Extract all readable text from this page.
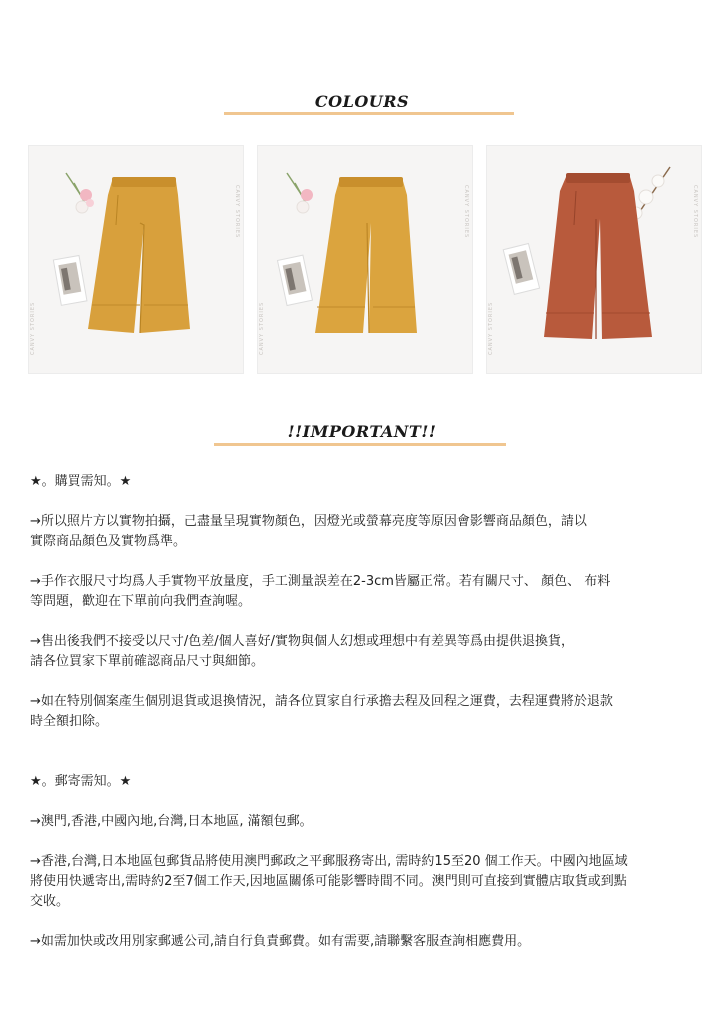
COLOURS
CANVY STORIES
CANVY STORIES
CANVY STORIES
CANVY STORIES
CANVY STORIES
CANVY STORIES
!!IMPORTANT!!

★。購買需知。★

→所以照片方以實物拍攝，己盡量呈現實物顏色，因燈光或螢幕亮度等原因會影響商品顏色，請以
實際商品顏色及實物爲準。

→手作衣服尺寸均爲人手實物平放量度，手工測量誤差在2-3cm皆屬正常。若有關尺寸、 顏色、 布料
等問題，歡迎在下單前向我們查詢喔。

→售出後我們不接受以尺寸/色差/個人喜好/實物與個人幻想或理想中有差異等爲由提供退換貨，
請各位買家下單前確認商品尺寸與細節。

→如在特別個案產生個別退貨或退換情況，請各位買家自行承擔去程及回程之運費，去程運費將於退款
時全額扣除。

★。郵寄需知。★

→澳門,香港,中國內地,台灣,日本地區, 滿額包郵。

→香港,台灣,日本地區包郵貨品將使用澳門郵政之平郵服務寄出, 需時約15至20 個工作天。中國內地區域
將使用快遞寄出,需時約2至7個工作天,因地區關係可能影響時間不同。澳門則可直接到實體店取貨或到點
交收。

→如需加快或改用別家郵遞公司,請自行負責郵費。如有需要,請聯繫客服查詢相應費用。
